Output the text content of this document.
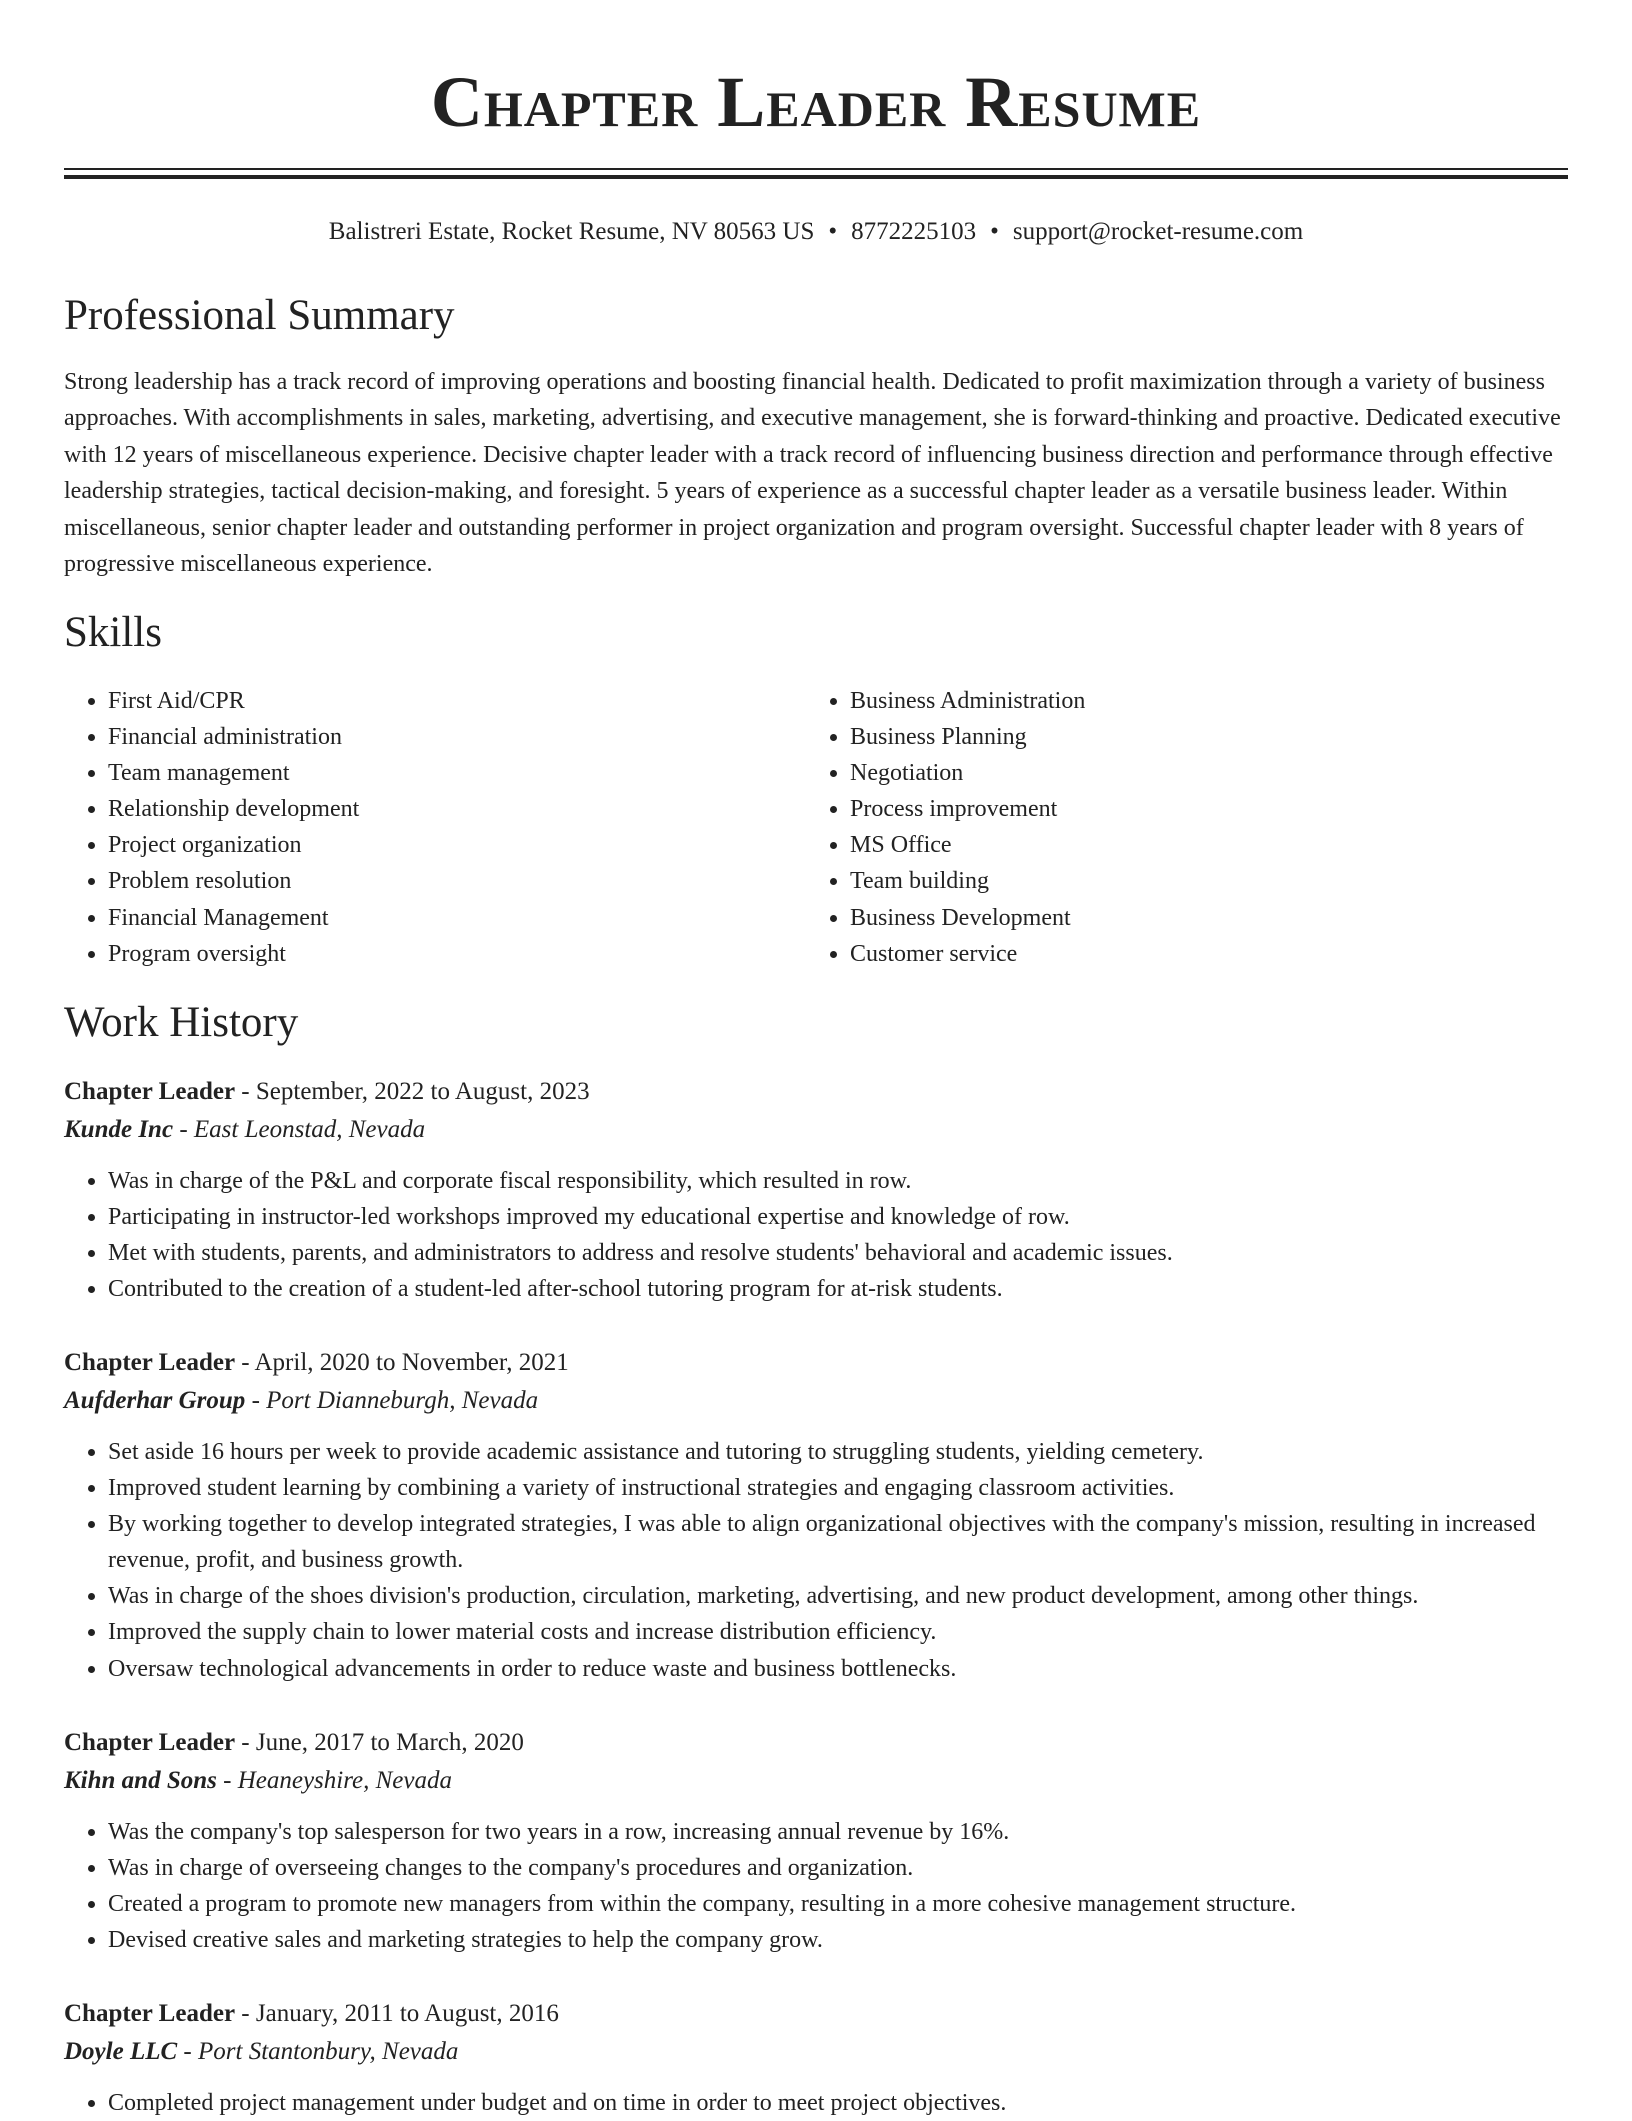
Chapter Leader Resume
Balistreri Estate, Rocket Resume, NV 80563 US • 8772225103 • support@rocket-resume.com
Professional Summary

Strong leadership has a track record of improving operations and boosting financial health. Dedicated to profit maximization through a variety of business approaches. With accomplishments in sales, marketing, advertising, and executive management, she is forward-thinking and proactive. Dedicated executive with 12 years of miscellaneous experience. Decisive chapter leader with a track record of influencing business direction and performance through effective leadership strategies, tactical decision-making, and foresight. 5 years of experience as a successful chapter leader as a versatile business leader. Within miscellaneous, senior chapter leader and outstanding performer in project organization and program oversight. Successful chapter leader with 8 years of progressive miscellaneous experience.

Skills
• First Aid/CPR
• Financial administration
• Team management
• Relationship development
• Project organization
• Problem resolution
• Financial Management
• Program oversight
• Business Administration
• Business Planning
• Negotiation
• Process improvement
• MS Office
• Team building
• Business Development
• Customer service
Work History
Chapter Leader - September, 2022 to August, 2023
Kunde Inc - East Leonstad, Nevada
• Was in charge of the P&L and corporate fiscal responsibility, which resulted in row.
• Participating in instructor-led workshops improved my educational expertise and knowledge of row.
• Met with students, parents, and administrators to address and resolve students' behavioral and academic issues.
• Contributed to the creation of a student-led after-school tutoring program for at-risk students.
Chapter Leader - April, 2020 to November, 2021
Aufderhar Group - Port Dianneburgh, Nevada
• Set aside 16 hours per week to provide academic assistance and tutoring to struggling students, yielding cemetery.
• Improved student learning by combining a variety of instructional strategies and engaging classroom activities.
• By working together to develop integrated strategies, I was able to align organizational objectives with the company's mission, resulting in increased revenue, profit, and business growth.
• Was in charge of the shoes division's production, circulation, marketing, advertising, and new product development, among other things.
• Improved the supply chain to lower material costs and increase distribution efficiency.
• Oversaw technological advancements in order to reduce waste and business bottlenecks.
Chapter Leader - June, 2017 to March, 2020
Kihn and Sons - Heaneyshire, Nevada
• Was the company's top salesperson for two years in a row, increasing annual revenue by 16%.
• Was in charge of overseeing changes to the company's procedures and organization.
• Created a program to promote new managers from within the company, resulting in a more cohesive management structure.
• Devised creative sales and marketing strategies to help the company grow.
Chapter Leader - January, 2011 to August, 2016
Doyle LLC - Port Stantonbury, Nevada
• Completed project management under budget and on time in order to meet project objectives.
